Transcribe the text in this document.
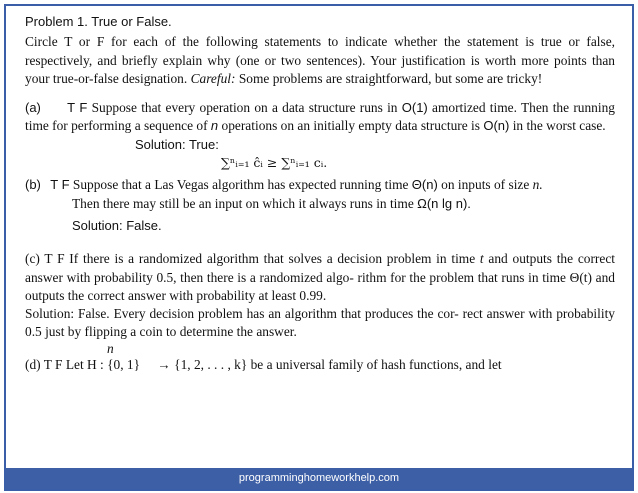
Problem 1. True or False.

Circle T or F for each of the following statements to indicate whether the statement is true or false, respectively, and briefly explain why (one or two sentences). Your justification is worth more points than your true-or-false designation. Careful: Some problems are straightforward, but some are tricky!

(a) T F Suppose that every operation on a data structure runs in O(1) amortized time. Then the running time for performing a sequence of n operations on an initially empty data structure is O(n) in the worst case.

Solution: True:

∑ⁿᵢ₌₁ ĉᵢ ≥ ∑ⁿᵢ₌₁ cᵢ.

(b) T F Suppose that a Las Vegas algorithm has expected running time Θ(n) on inputs of size n.

Then there may still be an input on which it always runs in time Ω(n lg n).

Solution: False.

(c) T F If there is a randomized algorithm that solves a decision problem in time t and outputs the correct answer with probability 0.5, then there is a randomized algo- rithm for the problem that runs in time Θ(t) and outputs the correct answer with probability at least 0.99.

Solution: False. Every decision problem has an algorithm that produces the cor- rect answer with probability 0.5 just by flipping a coin to determine the answer.

n

(d) T F Let H : {0, 1} → {1, 2, . . . , k} be a universal family of hash functions, and let

programminghomeworkhelp.com
